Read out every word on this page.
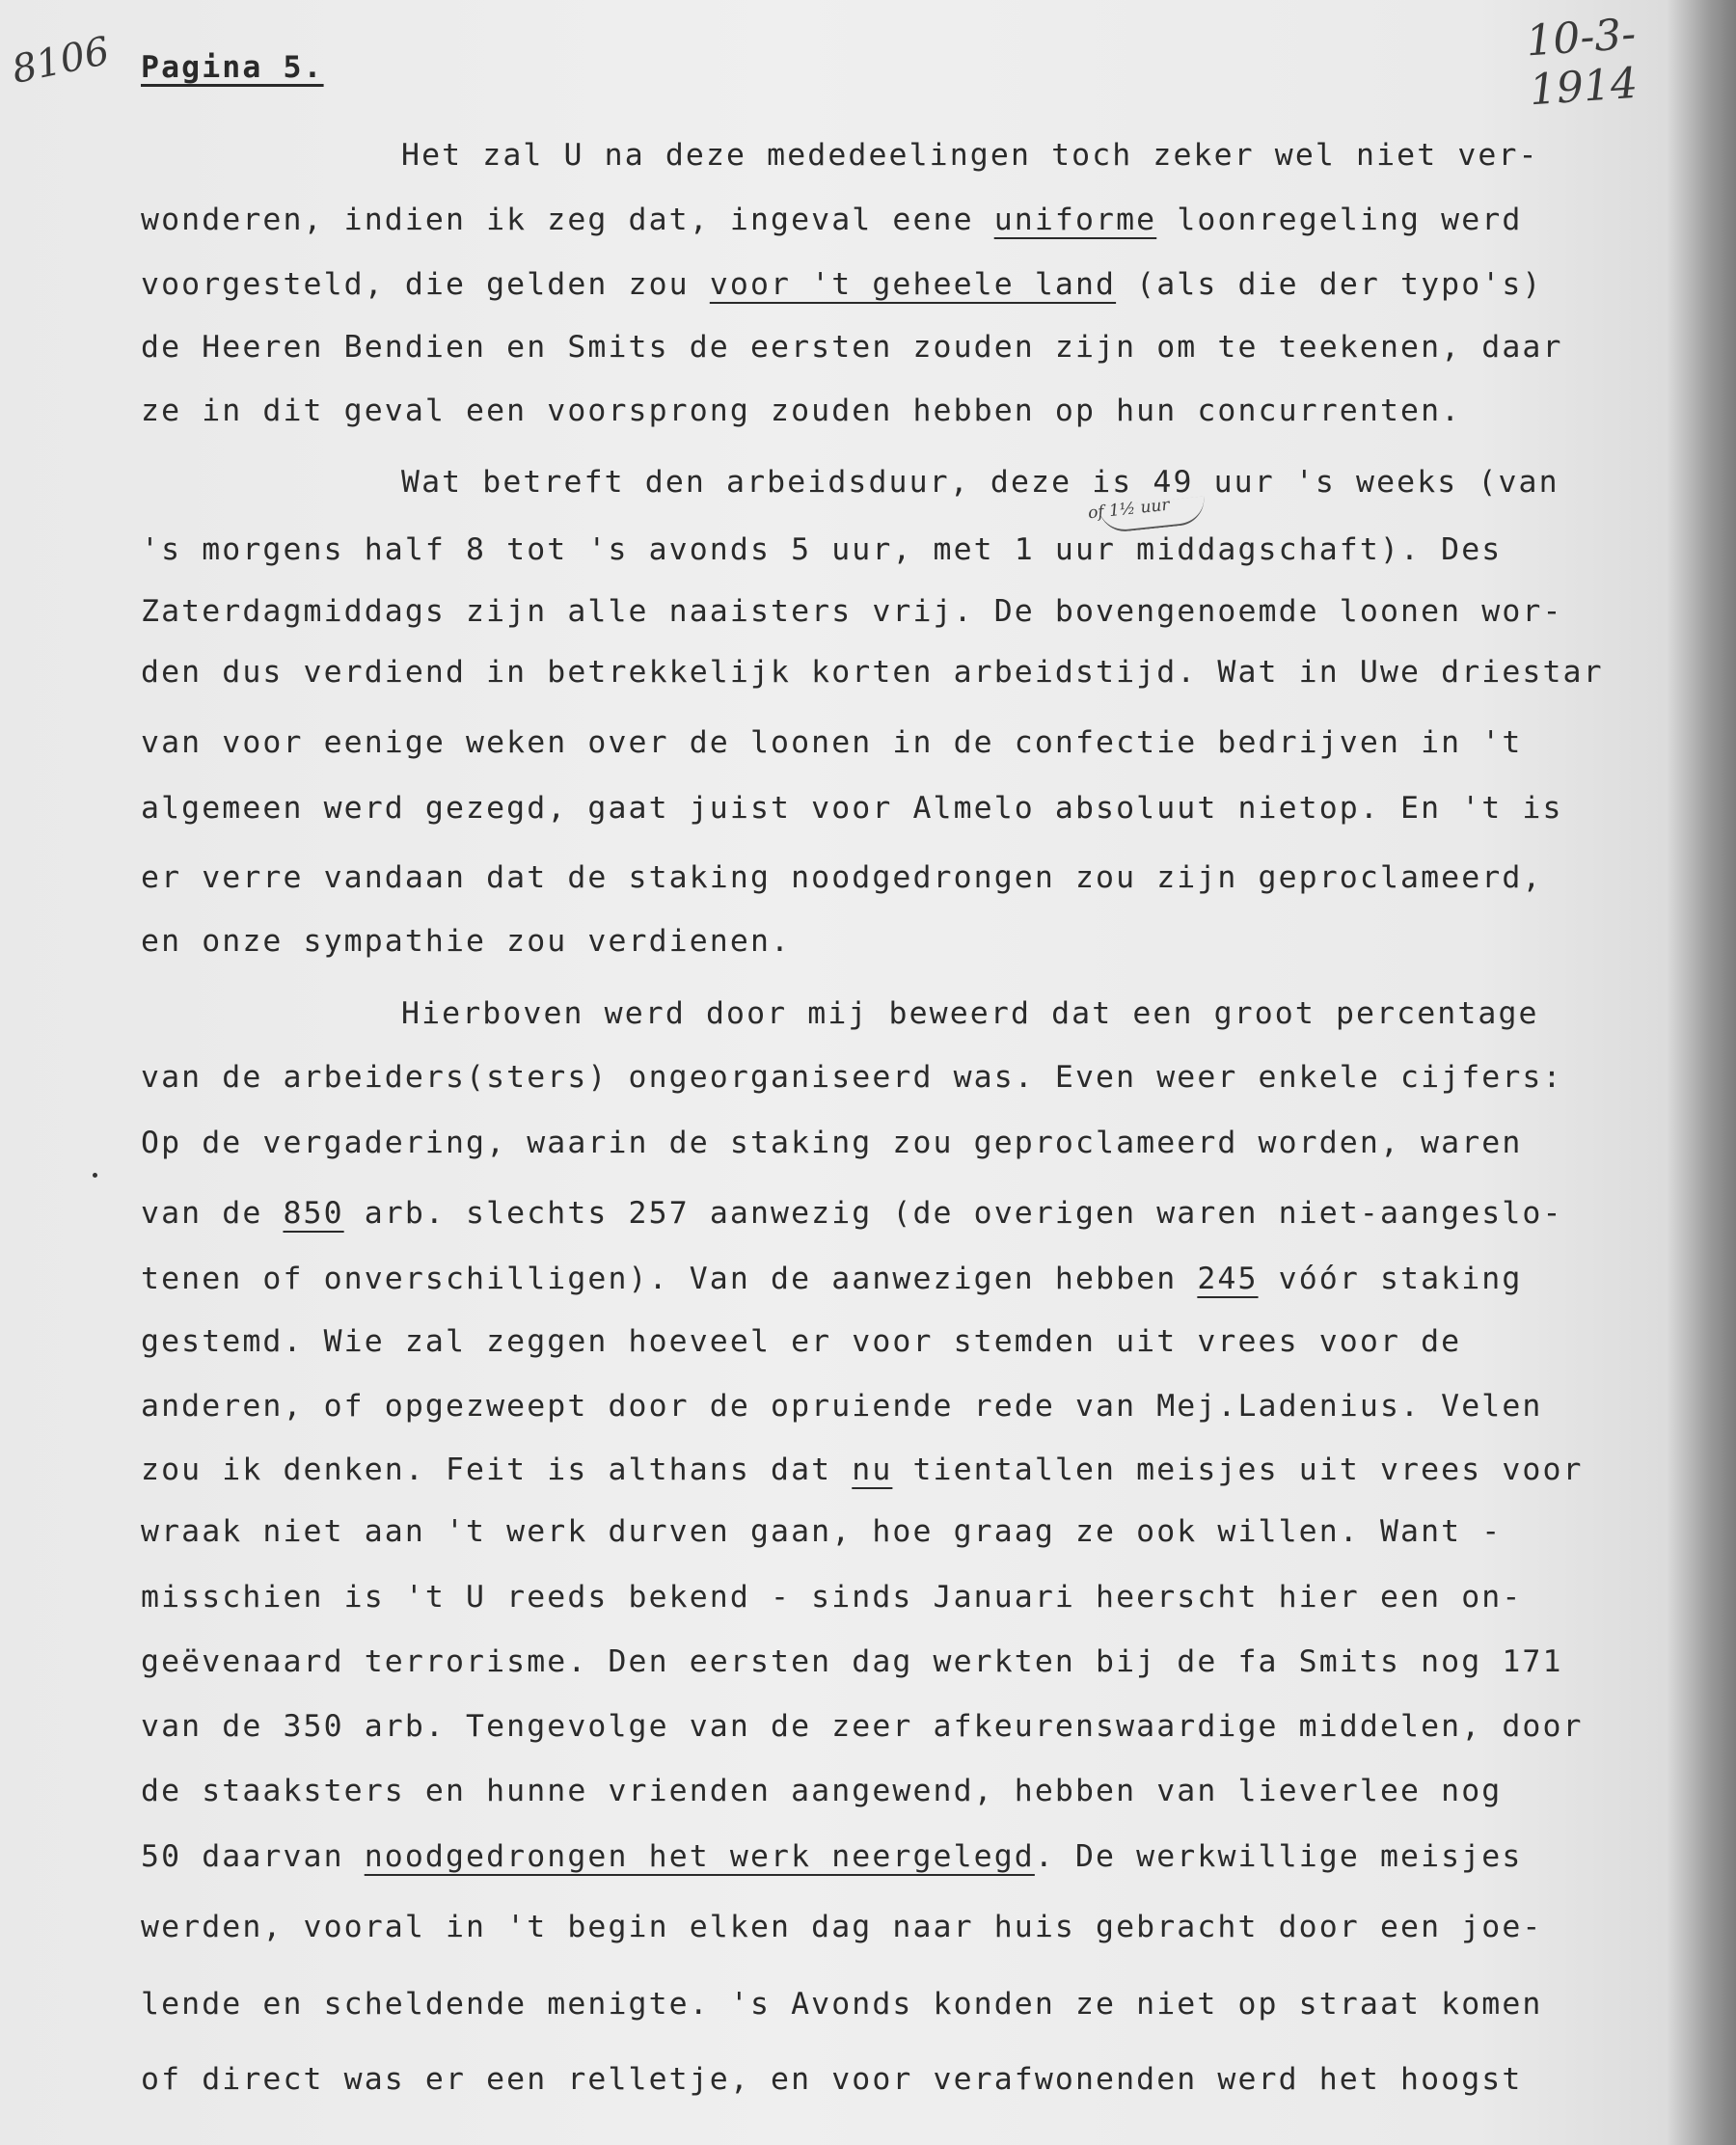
8106	10-3-1914
Pagina 5.
of 1½ uur
Het zal U na deze mededeelingen toch zeker wel niet ver-
wonderen, indien ik zeg dat, ingeval eene uniforme loonregeling werd
voorgesteld, die gelden zou voor 't geheele land (als die der typo's)
de Heeren Bendien en Smits de eersten zouden zijn om te teekenen, daar
ze in dit geval een voorsprong zouden hebben op hun concurrenten.
Wat betreft den arbeidsduur, deze is 49 uur 's weeks (van
's morgens half 8 tot 's avonds 5 uur, met 1 uur middagschaft). Des
Zaterdagmiddags zijn alle naaisters vrij. De bovengenoemde loonen wor-
den dus verdiend in betrekkelijk korten arbeidstijd. Wat in Uwe driestar
van voor eenige weken over de loonen in de confectie bedrijven in 't
algemeen werd gezegd, gaat juist voor Almelo absoluut nietop. En 't is
er verre vandaan dat de staking noodgedrongen zou zijn geproclameerd,
en onze sympathie zou verdienen.
Hierboven werd door mij beweerd dat een groot percentage
van de arbeiders(sters) ongeorganiseerd was. Even weer enkele cijfers:
Op de vergadering, waarin de staking zou geproclameerd worden, waren
van de 850 arb. slechts 257 aanwezig (de overigen waren niet-aangeslo-
tenen of onverschilligen). Van de aanwezigen hebben 245 vóór staking
gestemd. Wie zal zeggen hoeveel er voor stemden uit vrees voor de
anderen, of opgezweept door de opruiende rede van Mej.Ladenius. Velen
zou ik denken. Feit is althans dat nu tientallen meisjes uit vrees voor
wraak niet aan 't werk durven gaan, hoe graag ze ook willen. Want -
misschien is 't U reeds bekend - sinds Januari heerscht hier een on-
geëvenaard terrorisme. Den eersten dag werkten bij de fa Smits nog 171
van de 350 arb. Tengevolge van de zeer afkeurenswaardige middelen, door
de staaksters en hunne vrienden aangewend, hebben van lieverlee nog
50 daarvan noodgedrongen het werk neergelegd. De werkwillige meisjes
werden, vooral in 't begin elken dag naar huis gebracht door een joe-
lende en scheldende menigte. 's Avonds konden ze niet op straat komen
of direct was er een relletje, en voor verafwonenden werd het hoogst
